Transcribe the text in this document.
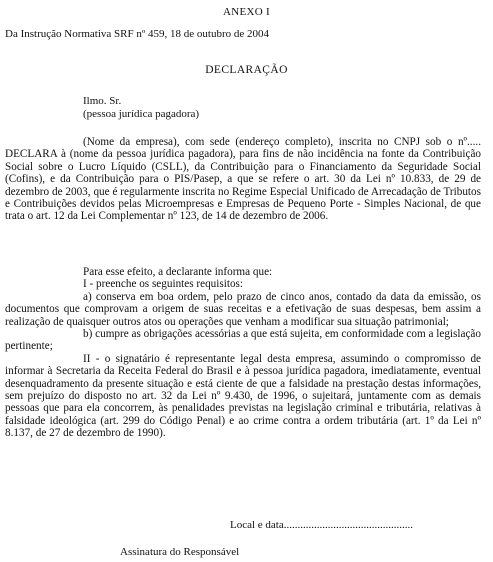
ANEXO I
Da Instrução Normativa SRF nº 459, 18 de outubro de 2004
DECLARAÇÃO
Ilmo. Sr.
(pessoa jurídica pagadora)

(Nome da empresa), com sede (endereço completo), inscrita no CNPJ sob o nº..... DECLARA à (nome da pessoa jurídica pagadora), para fins de não incidência na fonte da Contribuição Social sobre o Lucro Líquido (CSLL), da Contribuição para o Financiamento da Seguridade Social (Cofins), e da Contribuição para o PIS/Pasep, a que se refere o art. 30 da Lei nº 10.833, de 29 de dezembro de 2003, que é regularmente inscrita no Regime Especial Unificado de Arrecadação de Tributos e Contribuições devidos pelas Microempresas e Empresas de Pequeno Porte - Simples Nacional, de que trata o art. 12 da Lei Complementar nº 123, de 14 de dezembro de 2006.

Para esse efeito, a declarante informa que:

I - preenche os seguintes requisitos:

a) conserva em boa ordem, pelo prazo de cinco anos, contado da data da emissão, os documentos que comprovam a origem de suas receitas e a efetivação de suas despesas, bem assim a realização de quaisquer outros atos ou operações que venham a modificar sua situação patrimonial;

b) cumpre as obrigações acessórias a que está sujeita, em conformidade com a legislação pertinente;

II - o signatário é representante legal desta empresa, assumindo o compromisso de informar à Secretaria da Receita Federal do Brasil e à pessoa jurídica pagadora, imediatamente, eventual desenquadramento da presente situação e está ciente de que a falsidade na prestação destas informações, sem prejuízo do disposto no art. 32 da Lei nº 9.430, de 1996, o sujeitará, juntamente com as demais pessoas que para ela concorrem, às penalidades previstas na legislação criminal e tributária, relativas à falsidade ideológica (art. 299 do Código Penal) e ao crime contra a ordem tributária (art. 1º da Lei nº 8.137, de 27 de dezembro de 1990).

Local e data...............................................
Assinatura do Responsável
